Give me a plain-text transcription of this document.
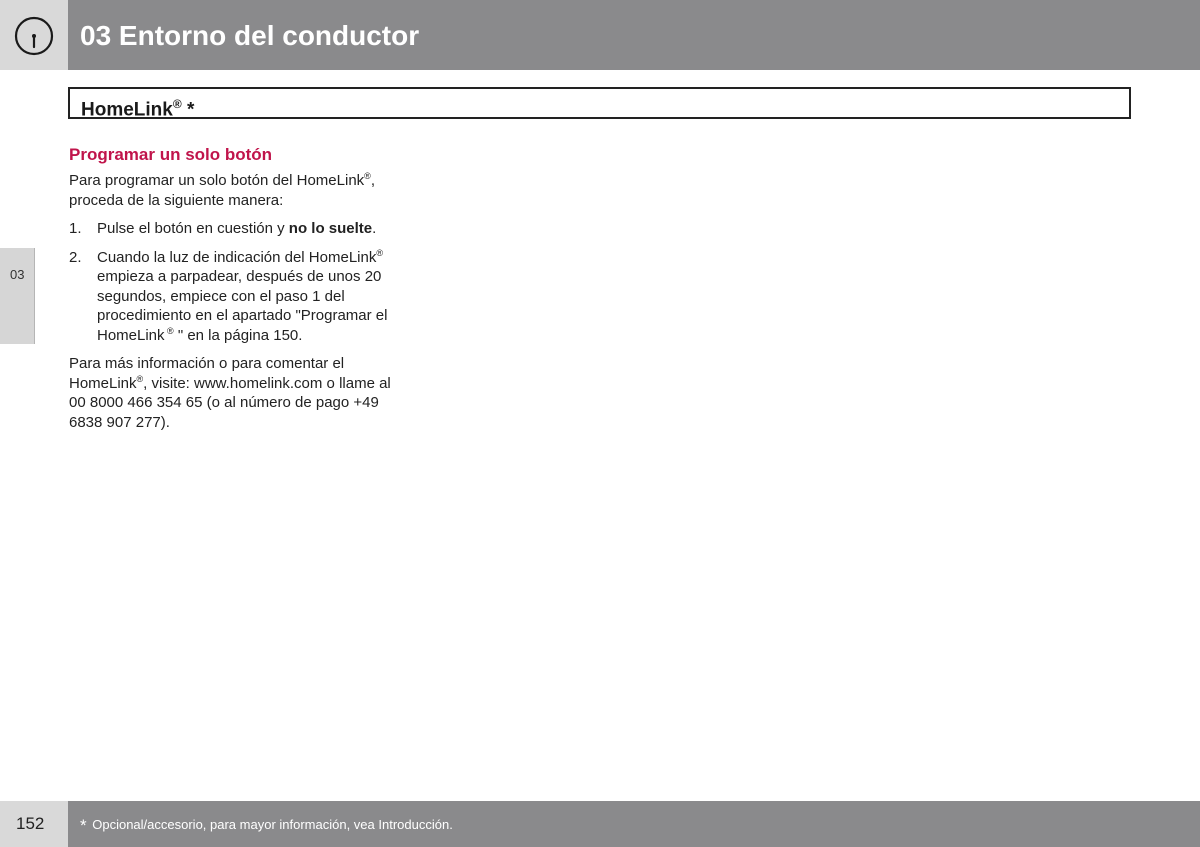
03 Entorno del conductor
HomeLink® *
03
Programar un solo botón

Para programar un solo botón del HomeLink®, proceda de la siguiente manera:

1.	Pulse el botón en cuestión y no lo suelte.
2.	Cuando la luz de indicación del HomeLink® empieza a parpadear, después de unos 20 segundos, empiece con el paso 1 del procedimiento en el apartado "Programar el HomeLink ® " en la página 150.

Para más información o para comentar el HomeLink®, visite: www.homelink.com o llame al 00 8000 466 354 65 (o al número de pago +49 6838 907 277).

152 * Opcional/accesorio, para mayor información, vea Introducción.
